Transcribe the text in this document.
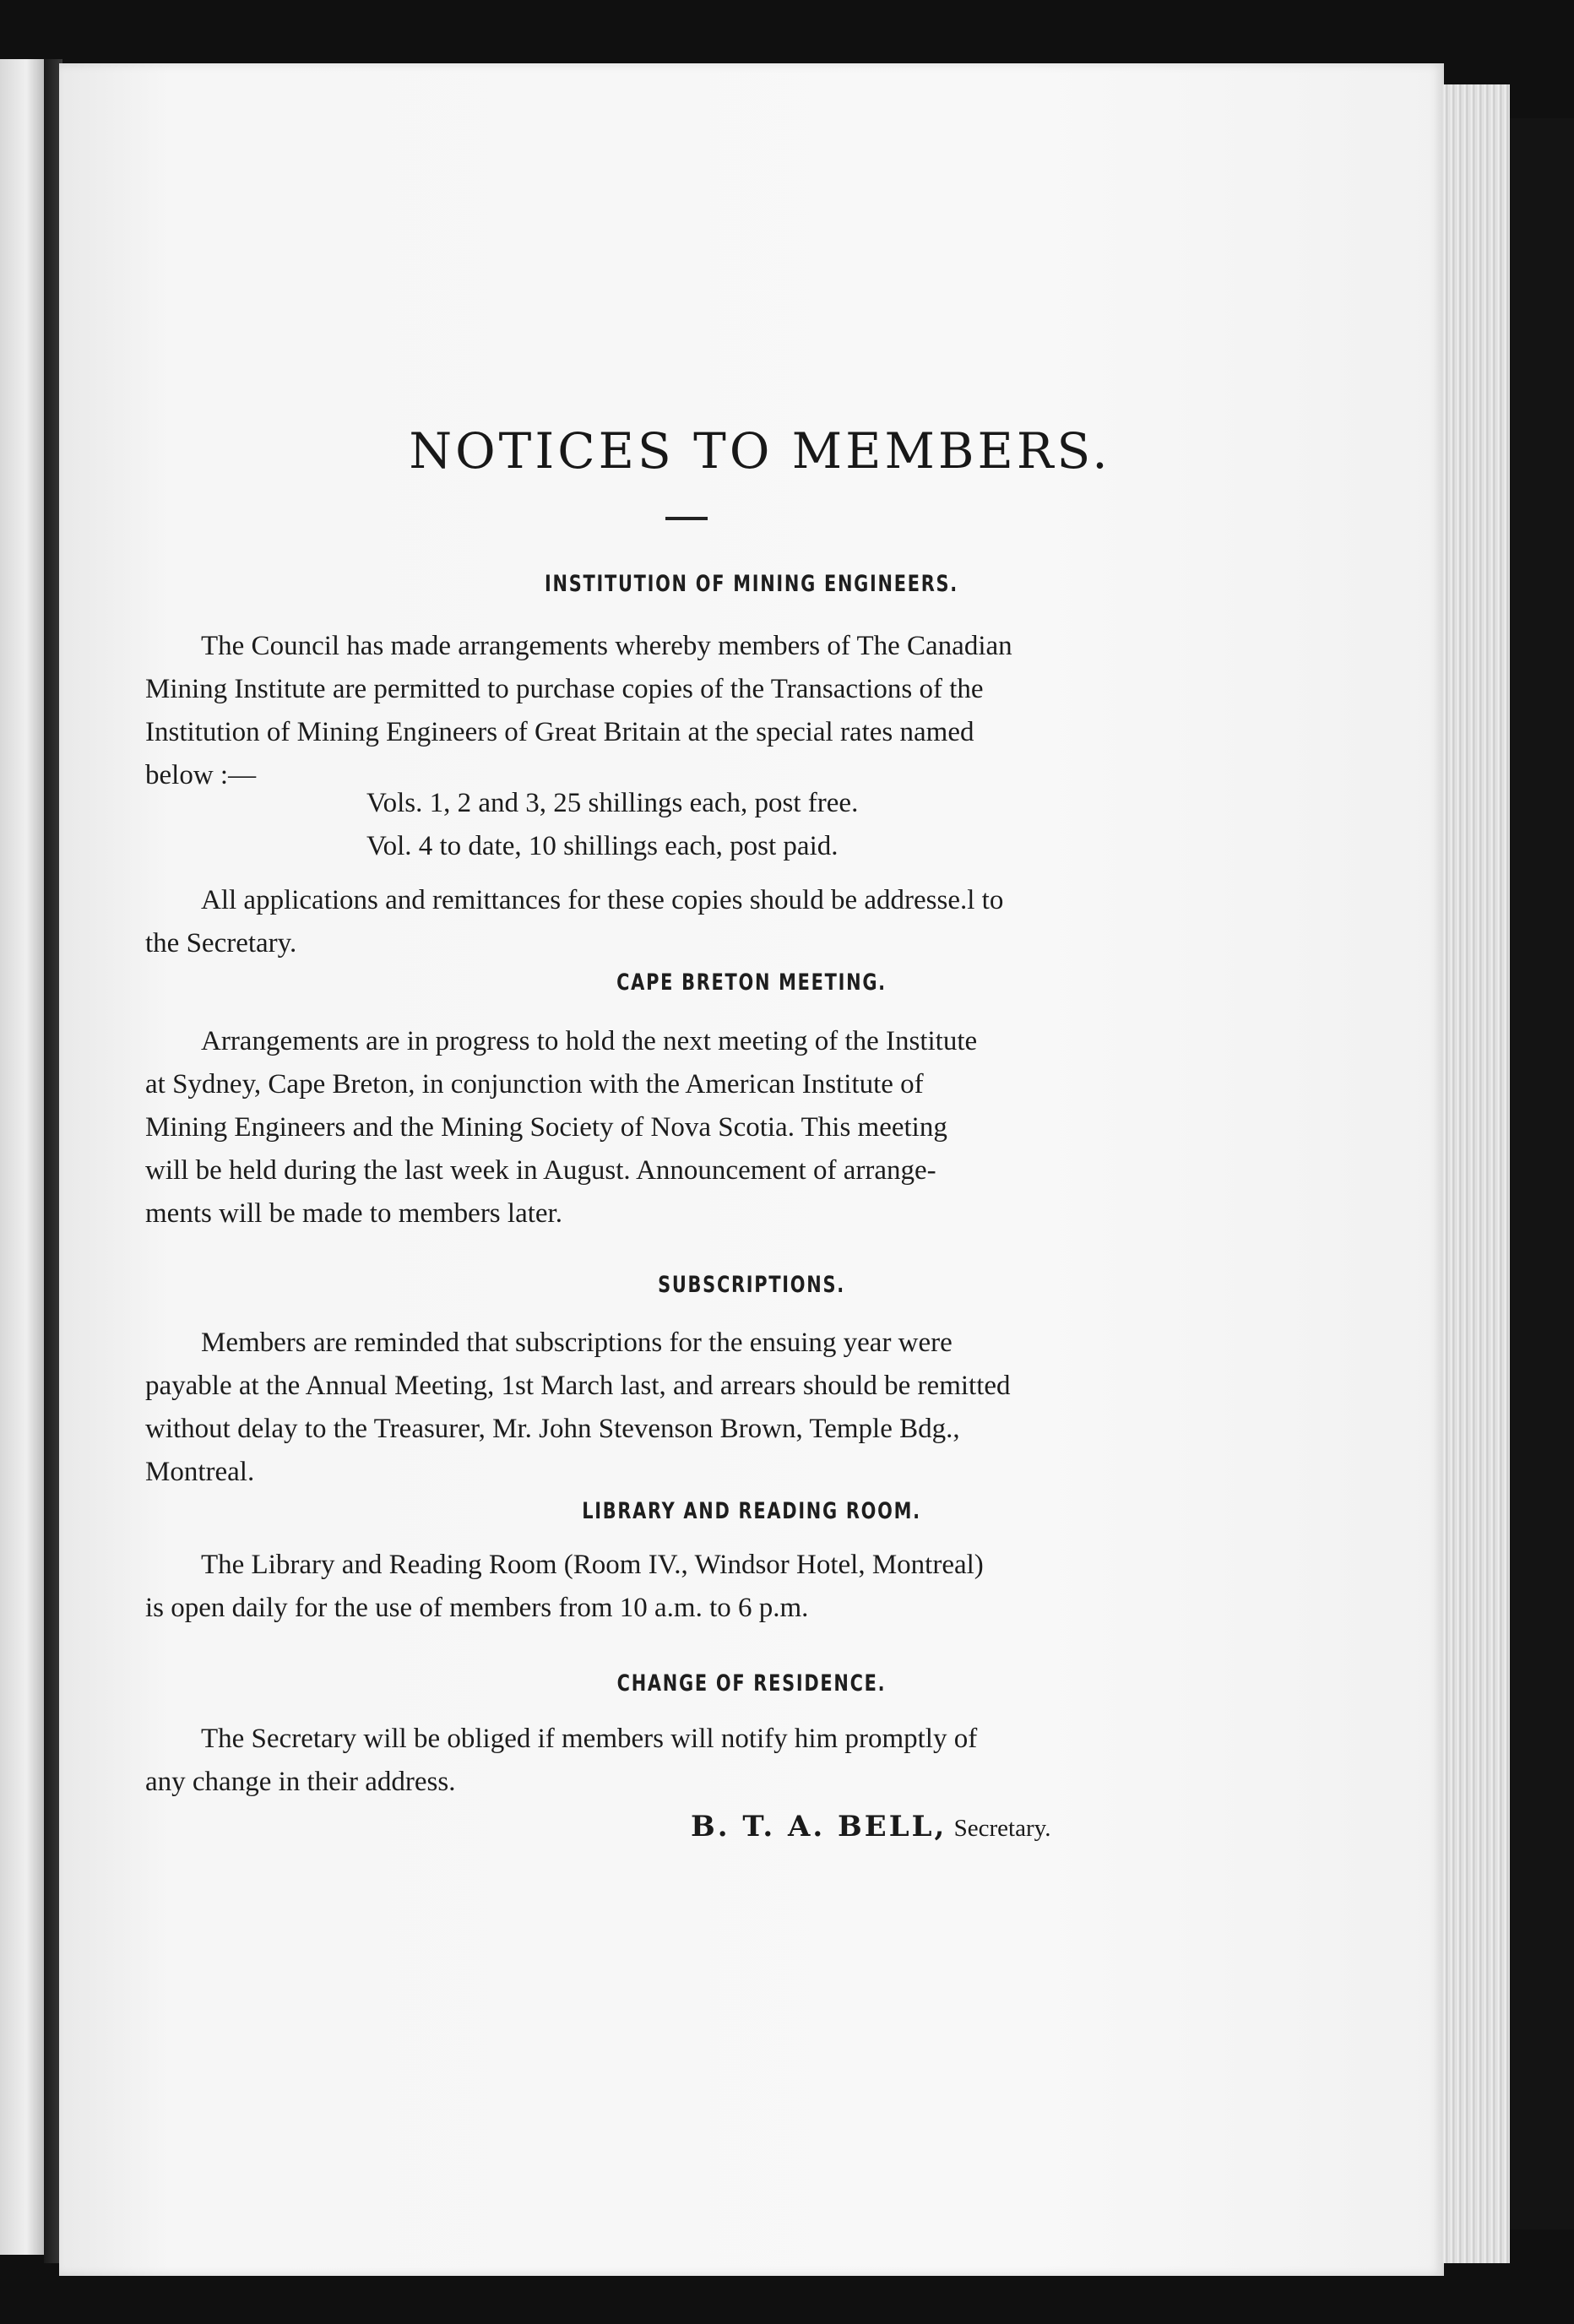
NOTICES TO MEMBERS.
INSTITUTION OF MINING ENGINEERS.

The Council has made arrangements whereby members of The Canadian
Mining Institute are permitted to purchase copies of the Transactions of the
Institution of Mining Engineers of Great Britain at the special rates named
below :—

Vols. 1, 2 and 3, 25 shillings each, post free.
Vol. 4 to date, 10 shillings each, post paid.

All applications and remittances for these copies should be addresse.l to
the Secretary.

CAPE BRETON MEETING.

Arrangements are in progress to hold the next meeting of the Institute
at Sydney, Cape Breton, in conjunction with the American Institute of
Mining Engineers and the Mining Society of Nova Scotia. This meeting
will be held during the last week in August. Announcement of arrange-
ments will be made to members later.

SUBSCRIPTIONS.

Members are reminded that subscriptions for the ensuing year were
payable at the Annual Meeting, 1st March last, and arrears should be remitted
without delay to the Treasurer, Mr. John Stevenson Brown, Temple Bdg.,
Montreal.

LIBRARY AND READING ROOM.

The Library and Reading Room (Room IV., Windsor Hotel, Montreal)
is open daily for the use of members from 10 a.m. to 6 p.m.

CHANGE OF RESIDENCE.

The Secretary will be obliged if members will notify him promptly of
any change in their address.

B. T. A. BELL, Secretary.
